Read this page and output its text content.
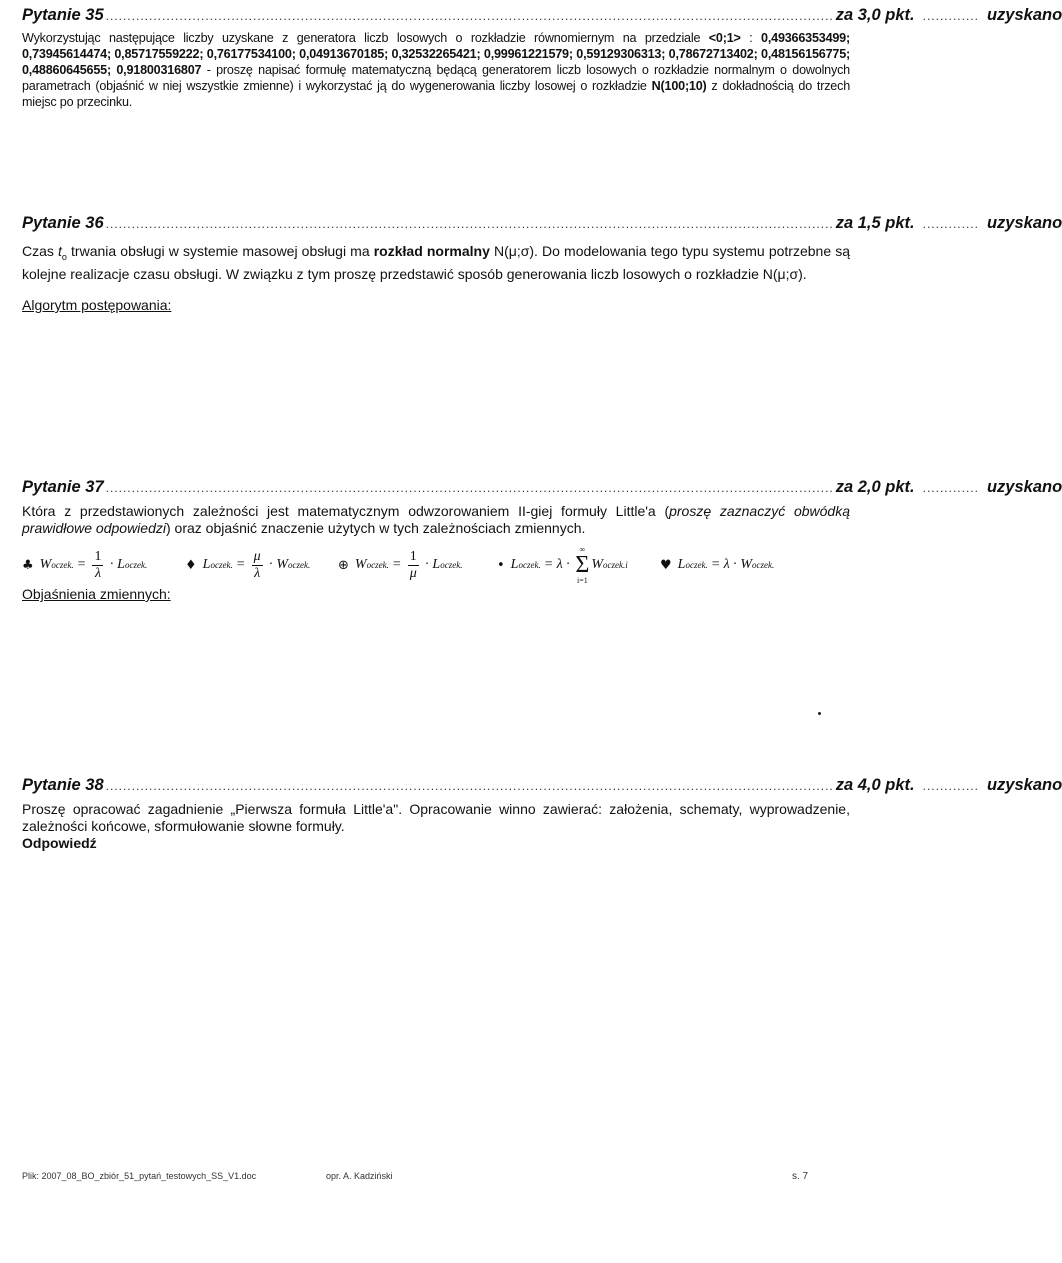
Pytanie 35 ........................................................................................................................................................................ za 3,0 pkt. ............. uzyskano
Wykorzystując następujące liczby uzyskane z generatora liczb losowych o rozkładzie równomiernym na przedziale <0;1> : 0,49366353499; 0,73945614474; 0,85717559222; 0,76177534100; 0,04913670185; 0,32532265421; 0,99961221579; 0,59129306313; 0,78672713402; 0,48156156775; 0,48860645655; 0,91800316807 - proszę napisać formułę matematyczną będącą generatorem liczb losowych o rozkładzie normalnym o dowolnych parametrach (objaśnić w niej wszystkie zmienne) i wykorzystać ją do wygenerowania liczby losowej o rozkładzie N(100;10) z dokładnością do trzech miejsc po przecinku.
Pytanie 36 ........................................................................................................................................................................ za 1,5 pkt. ............. uzyskano
Czas $t_o$ trwania obsługi w systemie masowej obsługi ma rozkład normalny N(μ;σ). Do modelowania tego typu systemu potrzebne są kolejne realizacje czasu obsługi. W związku z tym proszę przedstawić sposób generowania liczb losowych o rozkładzie N(μ;σ).
Algorytm postępowania:
Pytanie 37 ........................................................................................................................................................................ za 2,0 pkt. ............. uzyskano
Która z przedstawionych zależności jest matematycznym odwzorowaniem II-giej formuły Little'a (proszę zaznaczyć obwódką prawidłowe odpowiedzi) oraz objaśnić znaczenie użytych w tych zależnościach zmiennych.
♣ W oczek. = $\frac{1}{\lambda} \cdot L$ oczek.	♦ L oczek. = $\frac{\mu}{\lambda} \cdot W$ oczek. ⊕ W oczek. = $\frac{1}{\mu} \cdot L$ oczek.	• L oczek. = λ ·
∞
Σ
i=1
W oczek.i ♥ L oczek. = λ · W oczek.
Objaśnienia zmiennych:
Pytanie 38 ........................................................................................................................................................................ za 4,0 pkt. ............. uzyskano
Proszę opracować zagadnienie „Pierwsza formuła Little'a". Opracowanie winno zawierać: założenia, schematy, wyprowadzenie, zależności końcowe, sformułowanie słowne formuły.
Odpowiedź
Plik: 2007_08_BO_zbiór_51_pytań_testowych_SS_V1.doc	opr. A. Kadziński	s. 7
